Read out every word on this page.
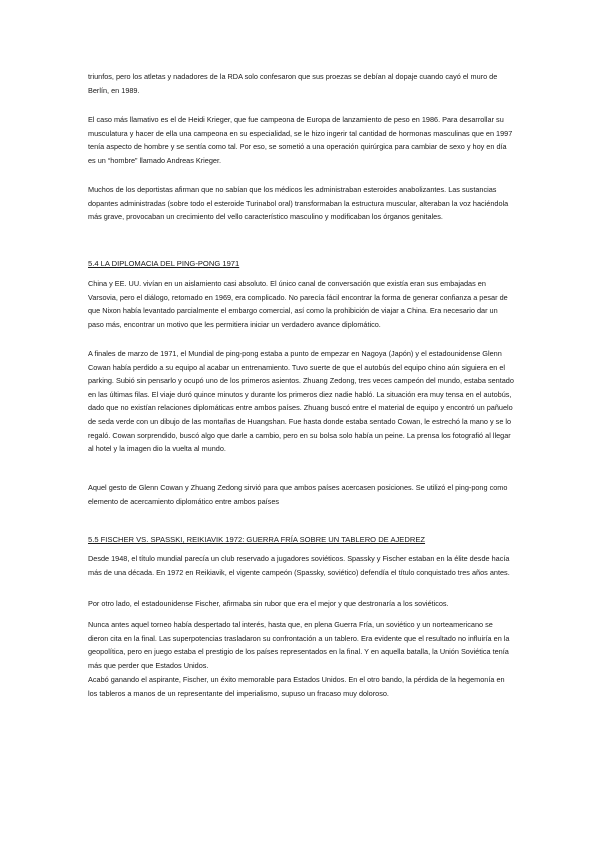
triunfos, pero los atletas y nadadores de la RDA solo confesaron que sus proezas se debían al dopaje cuando cayó el muro de Berlín, en 1989.

El caso más llamativo es el de Heidi Krieger, que fue campeona de Europa de lanzamiento de peso en 1986. Para desarrollar su musculatura y hacer de ella una campeona en su especialidad, se le hizo ingerir tal cantidad de hormonas masculinas que en 1997 tenía aspecto de hombre y se sentía como tal. Por eso, se sometió a una operación quirúrgica para cambiar de sexo y hoy en día es un “hombre” llamado Andreas Krieger.

Muchos de los deportistas afirman que no sabían que los médicos les administraban esteroides anabolizantes. Las sustancias dopantes administradas (sobre todo el esteroide Turinabol oral) transformaban la estructura muscular, alteraban la voz haciéndola más grave, provocaban un crecimiento del vello característico masculino y modificaban los órganos genitales.

5.4 LA DIPLOMACIA DEL PING-PONG 1971

China y EE. UU. vivían en un aislamiento casi absoluto. El único canal de conversación que existía eran sus embajadas en Varsovia, pero el diálogo, retomado en 1969, era complicado. No parecía fácil encontrar la forma de generar confianza a pesar de que Nixon había levantado parcialmente el embargo comercial, así como la prohibición de viajar a China. Era necesario dar un paso más, encontrar un motivo que les permitiera iniciar un verdadero avance diplomático.

A finales de marzo de 1971, el Mundial de ping-pong estaba a punto de empezar en Nagoya (Japón) y el estadounidense Glenn Cowan había perdido a su equipo al acabar un entrenamiento. Tuvo suerte de que el autobús del equipo chino aún siguiera en el parking. Subió sin pensarlo y ocupó uno de los primeros asientos. Zhuang Zedong, tres veces campeón del mundo, estaba sentado en las últimas filas. El viaje duró quince minutos y durante los primeros diez nadie habló. La situación era muy tensa en el autobús, dado que no existían relaciones diplomáticas entre ambos países. Zhuang buscó entre el material de equipo y encontró un pañuelo de seda verde con un dibujo de las montañas de Huangshan. Fue hasta donde estaba sentado Cowan, le estrechó la mano y se lo regaló. Cowan sorprendido, buscó algo que darle a cambio, pero en su bolsa solo había un peine. La prensa los fotografió al llegar al hotel y la imagen dio la vuelta al mundo.

Aquel gesto de Glenn Cowan y Zhuang Zedong sirvió para que ambos países acercasen posiciones. Se utilizó el ping-pong como elemento de acercamiento diplomático entre ambos países

5.5 FISCHER VS. SPASSKI, REIKIAVIK 1972: GUERRA FRÍA SOBRE UN TABLERO DE AJEDREZ

Desde 1948, el título mundial parecía un club reservado a jugadores soviéticos. Spassky y Fischer estaban en la élite desde hacía más de una década. En 1972 en Reikiavik, el vigente campeón (Spassky, soviético) defendía el título conquistado tres años antes.

Por otro lado, el estadounidense Fischer, afirmaba sin rubor que era el mejor y que destronaría a los soviéticos.

Nunca antes aquel torneo había despertado tal interés, hasta que, en plena Guerra Fría, un soviético y un norteamericano se dieron cita en la final. Las superpotencias trasladaron su confrontación a un tablero. Era evidente que el resultado no influiría en la geopolítica, pero en juego estaba el prestigio de los países representados en la final. Y en aquella batalla, la Unión Soviética tenía más que perder que Estados Unidos.

Acabó ganando el aspirante, Fischer, un éxito memorable para Estados Unidos. En el otro bando, la pérdida de la hegemonía en los tableros a manos de un representante del imperialismo, supuso un fracaso muy doloroso.
